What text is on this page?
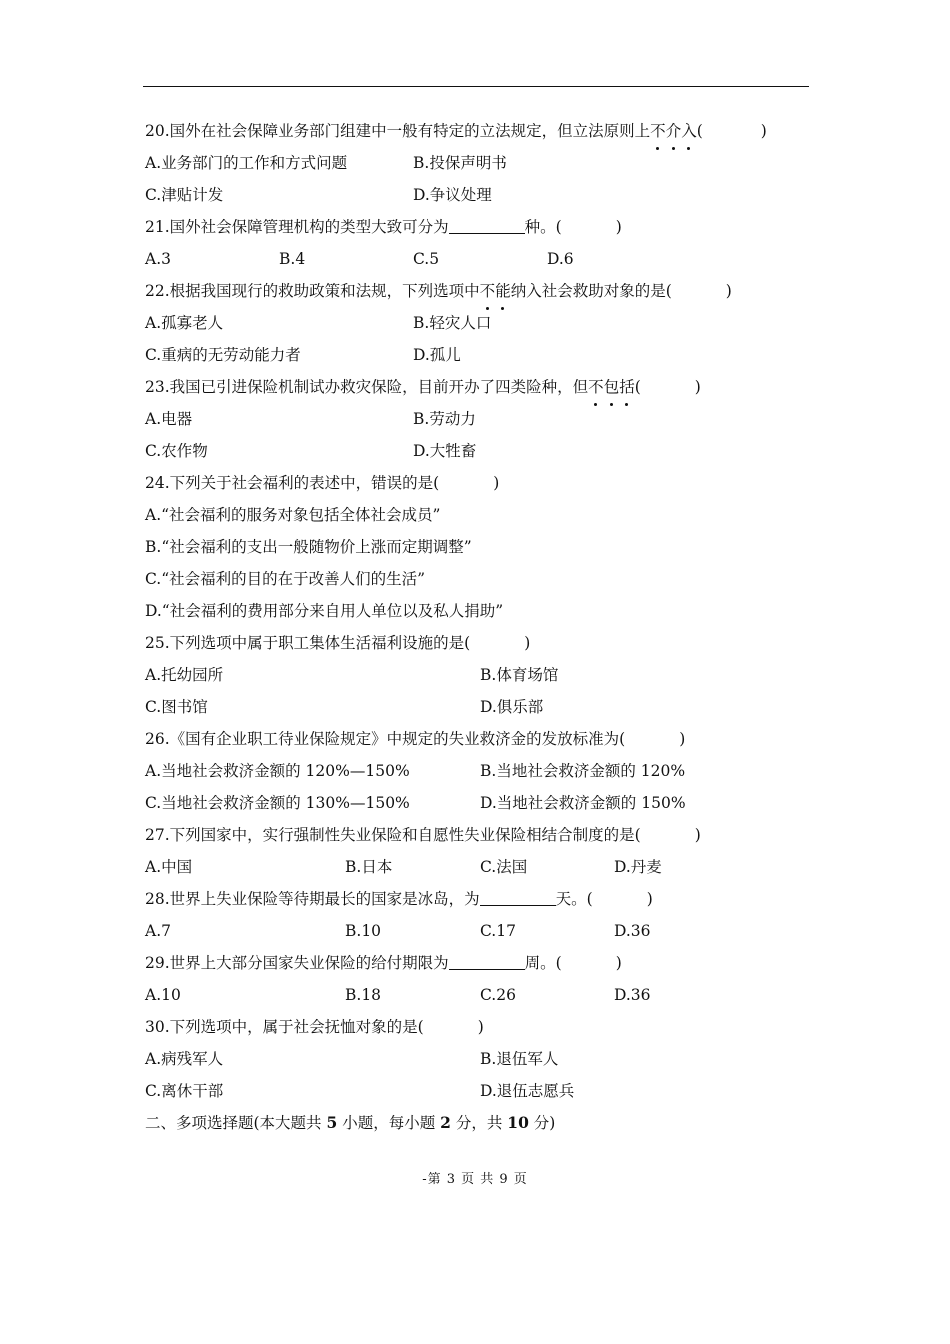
20.国外在社会保障业务部门组建中一般有特定的立法规定，但立法原则上不介入(	)
A.业务部门的工作和方式问题	B.投保声明书
C.津贴计发	D.争议处理
21.国外社会保障管理机构的类型大致可分为	种。(	)
A.3	B.4	C.5	D.6
22.根据我国现行的救助政策和法规，下列选项中不能纳入社会救助对象的是(	)
A.孤寡老人	B.轻灾人口
C.重病的无劳动能力者	D.孤儿
23.我国已引进保险机制试办救灾保险，目前开办了四类险种，但不包括(	)
A.电器	B.劳动力
C.农作物	D.大牲畜
24.下列关于社会福利的表述中，错误的是(	)
A.“社会福利的服务对象包括全体社会成员”
B.“社会福利的支出一般随物价上涨而定期调整”
C.“社会福利的目的在于改善人们的生活”
D.“社会福利的费用部分来自用人单位以及私人捐助”
25.下列选项中属于职工集体生活福利设施的是(	)
A.托幼园所	B.体育场馆
C.图书馆	D.俱乐部
26.《国有企业职工待业保险规定》中规定的失业救济金的发放标准为(	)
A.当地社会救济金额的 120%—150%	B.当地社会救济金额的 120%
C.当地社会救济金额的 130%—150%	D.当地社会救济金额的 150%
27.下列国家中，实行强制性失业保险和自愿性失业保险相结合制度的是(	)
A.中国	B.日本	C.法国	D.丹麦
28.世界上失业保险等待期最长的国家是冰岛，为	天。(	)
A.7	B.10	C.17	D.36
29.世界上大部分国家失业保险的给付期限为	周。(	)
A.10	B.18	C.26	D.36
30.下列选项中，属于社会抚恤对象的是(	)
A.病残军人	B.退伍军人
C.离休干部	D.退伍志愿兵
二、多项选择题(本大题共 5 小题，每小题 2 分，共 10 分)
-第 3 页 共 9 页
